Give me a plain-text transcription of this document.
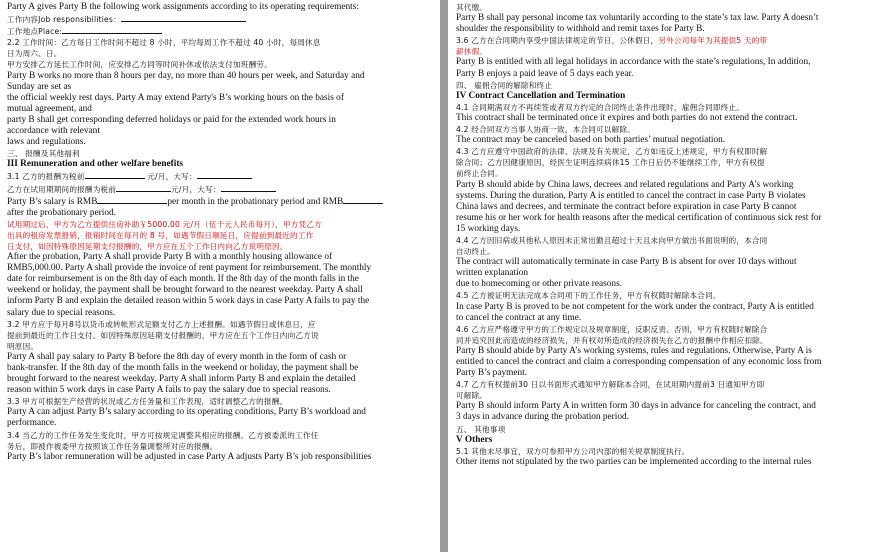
Party A gives Party B the following work assignments according to its operating requirements:
工作内容Job responsibilities：
工作地点Place:
2.2 工作时间：乙方每日工作时间不超过 8 小时，平均每周工作不超过 40 小时，每周休息
日为周六、日。
甲方安排乙方延长工作时间，应安排乙方同等时间补休或依法支付加班酬劳。
Party B works no more than 8 hours per day, no more than 40 hours per week, and Saturday and
Sunday are set as
the official weekly rest days. Party A may extend Party's B’s working hours on the basis of
mutual agreement, and
party B shall get corresponding deferred holidays or paid for the extended work hours in
accordance with relevant
laws and regulations.
三、 报酬及其他福利
III Remuneration and other welfare benefits
3.1 乙方的报酬为税前	元/月，大写：
乙方在试用期期间的报酬为税前	元/月，大写：
Party B’s salary is RMB	per month in the probationary period and RMB
after the probationary period.
试用期过后，甲方为乙方提供住房补助￥5000.00 元/月（伍千元人民币每月），甲方凭乙方
出具的租房发票报销，报销时间在每月的 8 号，如遇节假日顺延日，应提前到最近的工作
日支付，如因特殊原因延期支付报酬的，甲方应在五个工作日内向乙方说明原因。
After the probation, Party A shall provide Party B with a monthly housing allowance of
RMB5,000.00. Party A shall provide the invoice of rent payment for reimbursement. The monthly
date for reimbursement is on the 8th day of each month. If the 8th day of the month falls in the
weekend or holiday, the payment shall be brought forward to the nearest weekday. Party A shall
inform Party B and explain the detailed reason within 5 work days in case Party A fails to pay the
salary due to special reasons.
3.2 甲方应于每月8号以货币或转帐形式足额支付乙方上述报酬。如遇节假日或休息日，应
提前到最近的工作日支付。如因特殊原因延期支付报酬的，甲方应在五个工作日内向乙方说
明原因。
Party A shall pay salary to Party B before the 8th day of every month in the form of cash or
bank-transfer. If the 8th day of the month falls in the weekend or holiday, the payment shall be
brought forward to the nearest weekday. Party A shall inform Party B and explain the detailed
reason within 5 work days in case Party A fails to pay the salary due to special reasons.
3.3 甲方可根据生产经营的状况或乙方任务量和工作表现，适时调整乙方的报酬。
Party A can adjust Party B’s salary according to its operating conditions, Party B’s workload and
performance.
3.4 当乙方的工作任务发生变化时，甲方可按规定调整其相应的报酬。乙方被委派的工作任
务后，即被作被委甲方按照该工作任务量调整所对应的报酬。
Party B’s labor remuneration will be adjusted in case Party A adjusts Party B’s job responsibilities
其代缴。
Party B shall pay personal income tax voluntarily according to the state’s tax law. Party A doesn’t
shoulder the responsibility to withhold and remit taxes for Party B.
3.6 乙方在合同期内享受中国法律规定的节日，公休假日，另外公司每年为其提供5 天的带
薪休假。
Party B is entitled with all legal holidays in accordance with the state’s regulations, In addition,
Party B enjoys a paid leave of 5 days each year.
四、 雇佣合同的解除和终止
IV Contract Cancellation and Termination
4.1 合同期满双方不再续签或者双方约定的合同终止条件出现时，雇佣合同即终止。
This contract shall be terminated once it expires and both parties do not extend the contract.
4.2 经合同双方当事人协商一致，本合同可以解除。
The contract may be canceled based on both parties’ mutual negotiation.
4.3 乙方应遵守中国政府的法律、法规及有关规定，乙方如违反上述规定，甲方有权即时解
除合同；乙方因健康原因，经医生证明连续病休15 工作日后仍不能继续工作，甲方有权提
前终止合同。
Party B should abide by China laws, decrees and related regulations and Party A’s working
systems. During the duration, Party A is entitled to cancel the contract in case Party B violates
China laws and decrees, and terminate the contract before expiration in case Party B cannot
resume his or her work for health reasons after the medical certification of continuous sick rest for
15 working days.
4.4 乙方因旧病或其他私人原因未正常出勤且超过十天且未向甲方做出书面说明的，本合同
自动终止。
The contract will automatically terminate in case Party B is absent for over 10 days without
written explanation
due to homecoming or other private reasons.
4.5 乙方被证明无法完成本合同项下的工作任务，甲方有权随时解除本合同。
In case Party B is proved to be not competent for the work under the contract, Party A is entitled
to cancel the contract at any time.
4.6 乙方应严格遵守甲方的工作规定以及规章制度，反职反责、否则，甲方有权随时解除合
同并追究因此而造成的经济损失，并有权对所造成的经济损失在乙方的报酬中作相应扣除。
Party B should abide by Party A’s working systems, rules and regulations. Otherwise, Party A is
entitled to cancel the contract and claim a corresponding compensation of any economic loss from
Party B’s payment.
4.7 乙方有权提前30 日以书面形式通知甲方解除本合同，在试用期内提前3 日通知甲方即
可解除。
Party B should inform Party A in written form 30 days in advance for canceling the contract, and
3 days in advance during the probation period.
五、 其他事项
V Others
5.1 其他未尽事宜，双方可参照甲方公司内部的相关规章制度执行。
Other items not stipulated by the two parties can be implemented according to the internal rules
